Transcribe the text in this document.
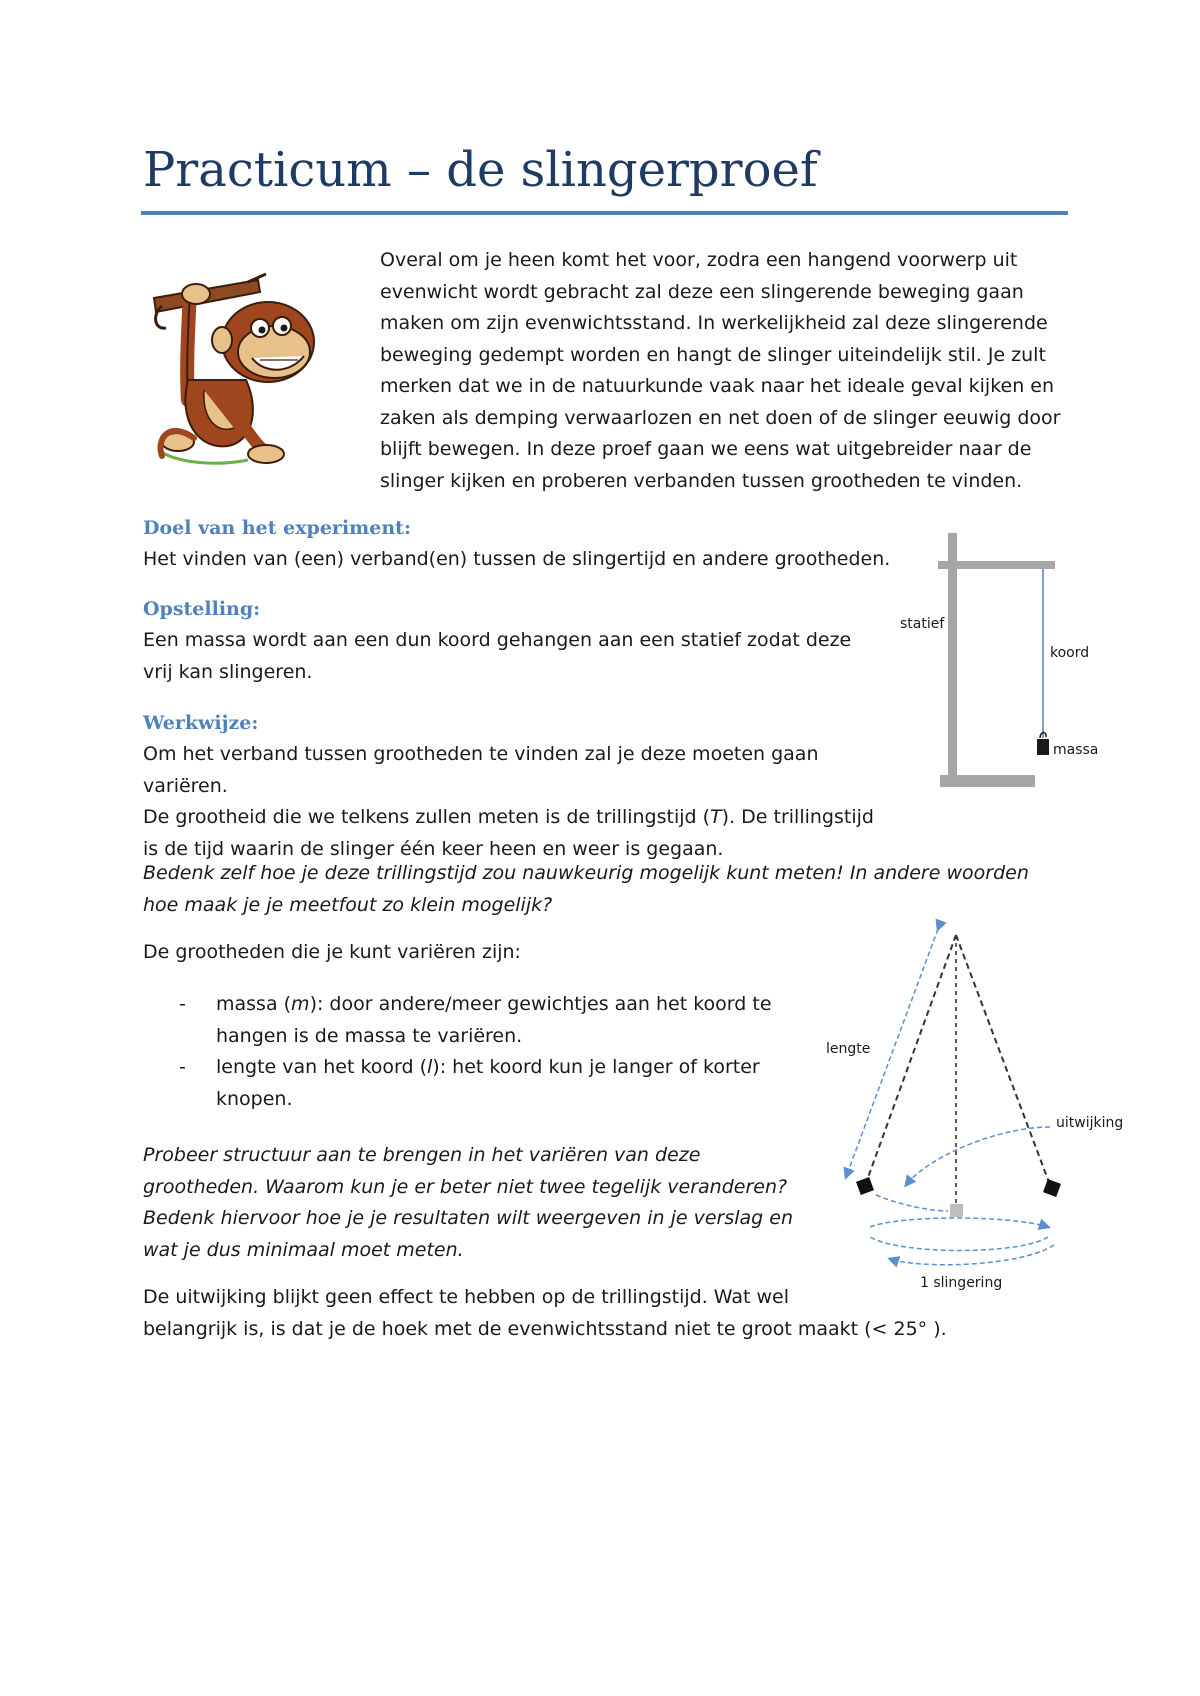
Practicum – de slingerproef

Overal om je heen komt het voor, zodra een hangend voorwerp uit evenwicht wordt gebracht zal deze een slingerende beweging gaan maken om zijn evenwichtsstand. In werkelijkheid zal deze slingerende beweging gedempt worden en hangt de slinger uiteindelijk stil. Je zult merken dat we in de natuurkunde vaak naar het ideale geval kijken en zaken als demping verwaarlozen en net doen of de slinger eeuwig door blijft bewegen. In deze proef gaan we eens wat uitgebreider naar de slinger kijken en proberen verbanden tussen grootheden te vinden.

Doel van het experiment:

Het vinden van (een) verband(en) tussen de slingertijd en andere grootheden.

Opstelling:

Een massa wordt aan een dun koord gehangen aan een statief zodat deze vrij kan slingeren.

Werkwijze:

Om het verband tussen grootheden te vinden zal je deze moeten gaan variëren.

De grootheid die we telkens zullen meten is de trillingstijd (T). De trillingstijd is de tijd waarin de slinger één keer heen en weer is gegaan.

statief
koord
massa

Bedenk zelf hoe je deze trillingstijd zou nauwkeurig mogelijk kunt meten! In andere woorden hoe maak je je meetfout zo klein mogelijk?

De grootheden die je kunt variëren zijn:

- massa (m): door andere/meer gewichtjes aan het koord te hangen is de massa te variëren.
- lengte van het koord (l): het koord kun je langer of korter knopen.

Probeer structuur aan te brengen in het variëren van deze grootheden. Waarom kun je er beter niet twee tegelijk veranderen? Bedenk hiervoor hoe je je resultaten wilt weergeven in je verslag en wat je dus minimaal moet meten.

De uitwijking blijkt geen effect te hebben op de trillingstijd. Wat wel

belangrijk is, is dat je de hoek met de evenwichtsstand niet te groot maakt (< 25° ).

lengte
uitwijking
1 slingering
